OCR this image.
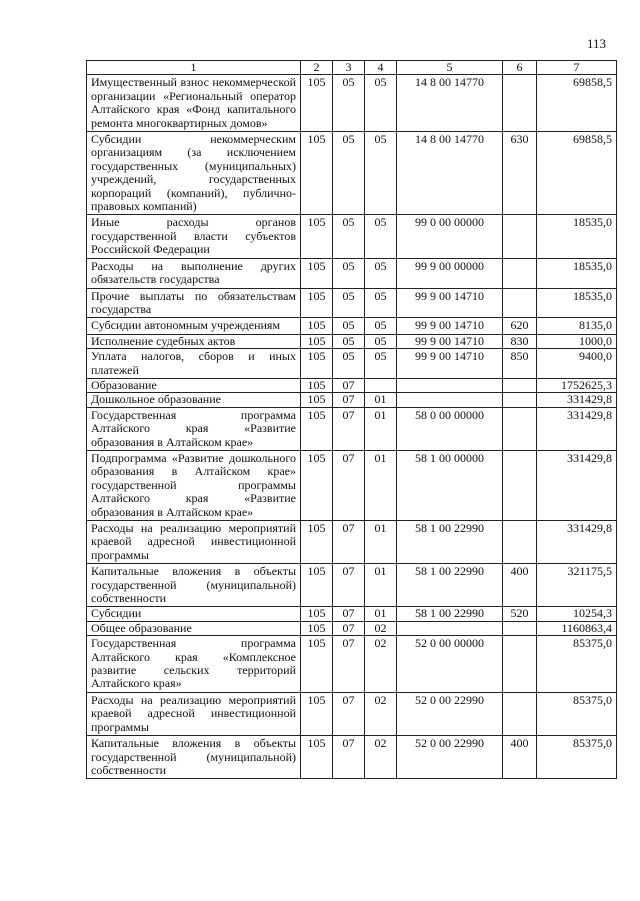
113
1	2	3	4	5	6	7
Имущественный взнос некоммерческой организации «Региональный оператор Алтайского края «Фонд капитального ремонта многоквартирных домов»	105	05	05	14 8 00 14770		69858,5
Субсидии некоммерческим организациям (за исключением государственных (муниципальных) учреждений, государственных корпораций (компаний), публично-правовых компаний)	105	05	05	14 8 00 14770	630	69858,5
Иные расходы органов государственной власти субъектов Российской Федерации	105	05	05	99 0 00 00000		18535,0
Расходы на выполнение других обязательств государства	105	05	05	99 9 00 00000		18535,0
Прочие выплаты по обязательствам государства	105	05	05	99 9 00 14710		18535,0
Субсидии автономным учреждениям	105	05	05	99 9 00 14710	620	8135,0
Исполнение судебных актов	105	05	05	99 9 00 14710	830	1000,0
Уплата налогов, сборов и иных платежей	105	05	05	99 9 00 14710	850	9400,0
Образование	105	07				1752625,3
Дошкольное образование	105	07	01			331429,8
Государственная программа Алтайского края «Развитие образования в Алтайском крае»	105	07	01	58 0 00 00000		331429,8
Подпрограмма «Развитие дошкольного образования в Алтайском крае» государственной программы Алтайского края «Развитие образования в Алтайском крае»	105	07	01	58 1 00 00000		331429,8
Расходы на реализацию мероприятий краевой адресной инвестиционной программы	105	07	01	58 1 00 22990		331429,8
Капитальные вложения в объекты государственной (муниципальной) собственности	105	07	01	58 1 00 22990	400	321175,5
Субсидии	105	07	01	58 1 00 22990	520	10254,3
Общее образование	105	07	02			1160863,4
Государственная программа Алтайского края «Комплексное развитие сельских территорий Алтайского края»	105	07	02	52 0 00 00000		85375,0
Расходы на реализацию мероприятий краевой адресной инвестиционной программы	105	07	02	52 0 00 22990		85375,0
Капитальные вложения в объекты государственной (муниципальной) собственности	105	07	02	52 0 00 22990	400	85375,0
